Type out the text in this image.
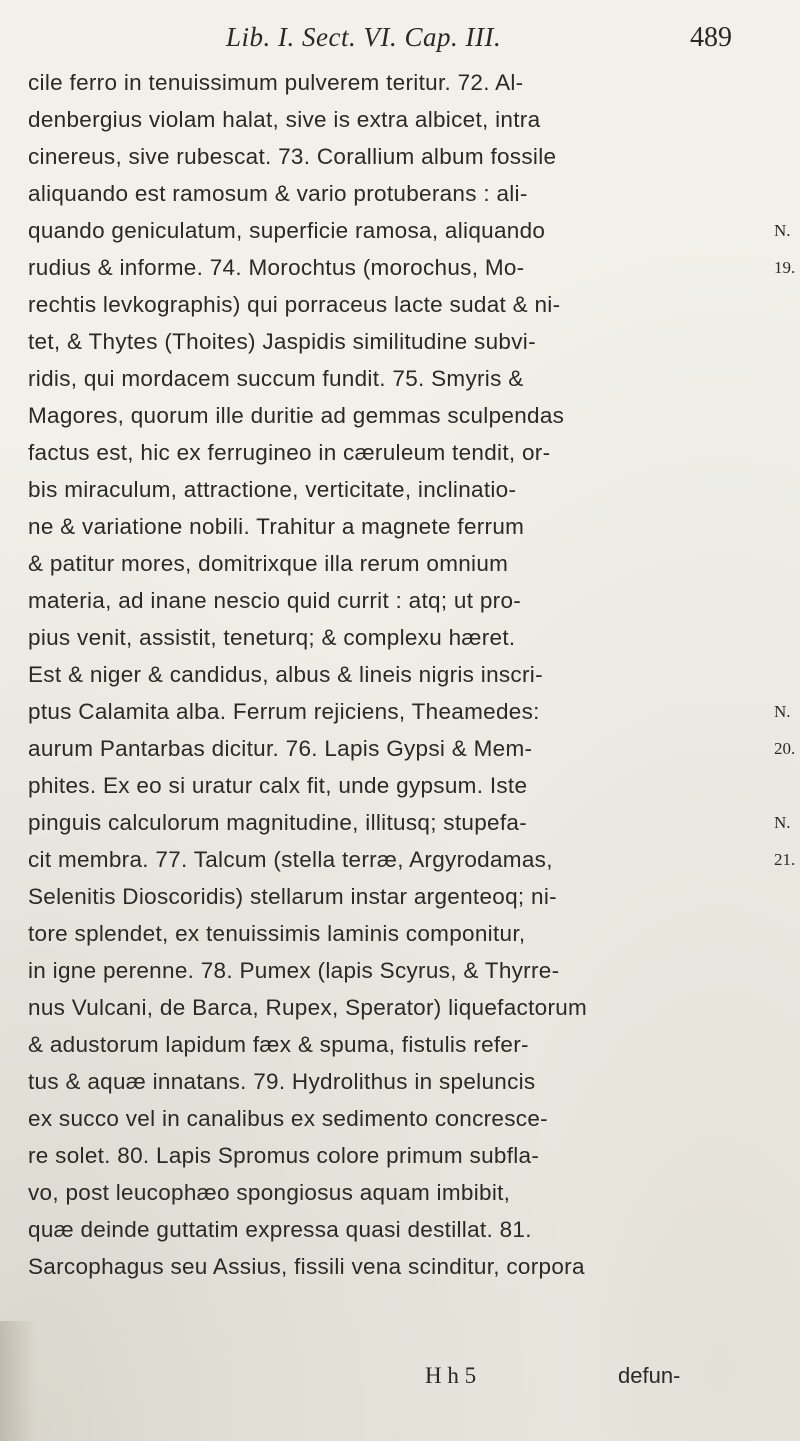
Lib. I. Sect. VI. Cap. III.	489
cile ferro in tenuissimum pulverem teritur. 72. Al-
denbergius violam halat, sive is extra albicet, intra
cinereus, sive rubescat. 73. Corallium album fossile
aliquando est ramosum & vario protuberans : ali-
quando geniculatum, superficie ramosa, aliquando
rudius & informe. 74. Morochtus (morochus, Mo-
rechtis levkographis) qui porraceus lacte sudat & ni-
tet, & Thytes (Thoites) Jaspidis similitudine subvi-
ridis, qui mordacem succum fundit. 75. Smyris &
Magores, quorum ille duritie ad gemmas sculpendas
factus est, hic ex ferrugineo in cæruleum tendit, or-
bis miraculum, attractione, verticitate, inclinatio-
ne & variatione nobili. Trahitur a magnete ferrum
& patitur mores, domitrixque illa rerum omnium
materia, ad inane nescio quid currit : atq; ut pro-
pius venit, assistit, teneturq; & complexu hæret.
Est & niger & candidus, albus & lineis nigris inscri-
ptus Calamita alba. Ferrum rejiciens, Theamedes:
aurum Pantarbas dicitur. 76. Lapis Gypsi & Mem-
phites. Ex eo si uratur calx fit, unde gypsum. Iste
pinguis calculorum magnitudine, illitusq; stupefa-
cit membra. 77. Talcum (stella terræ, Argyrodamas,
Selenitis Dioscoridis) stellarum instar argenteoq; ni-
tore splendet, ex tenuissimis laminis componitur,
in igne perenne. 78. Pumex (lapis Scyrus, & Thyrre-
nus Vulcani, de Barca, Rupex, Sperator) liquefactorum
& adustorum lapidum fæx & spuma, fistulis refer-
tus & aquæ innatans. 79. Hydrolithus in speluncis
ex succo vel in canalibus ex sedimento concresce-
re solet. 80. Lapis Spromus colore primum subfla-
vo, post leucophæo spongiosus aquam imbibit,
quæ deinde guttatim expressa quasi destillat. 81.
Sarcophagus seu Assius, fissili vena scinditur, corpora
N.
19.
N.
20.
N.
21.
H h 5	defun-
